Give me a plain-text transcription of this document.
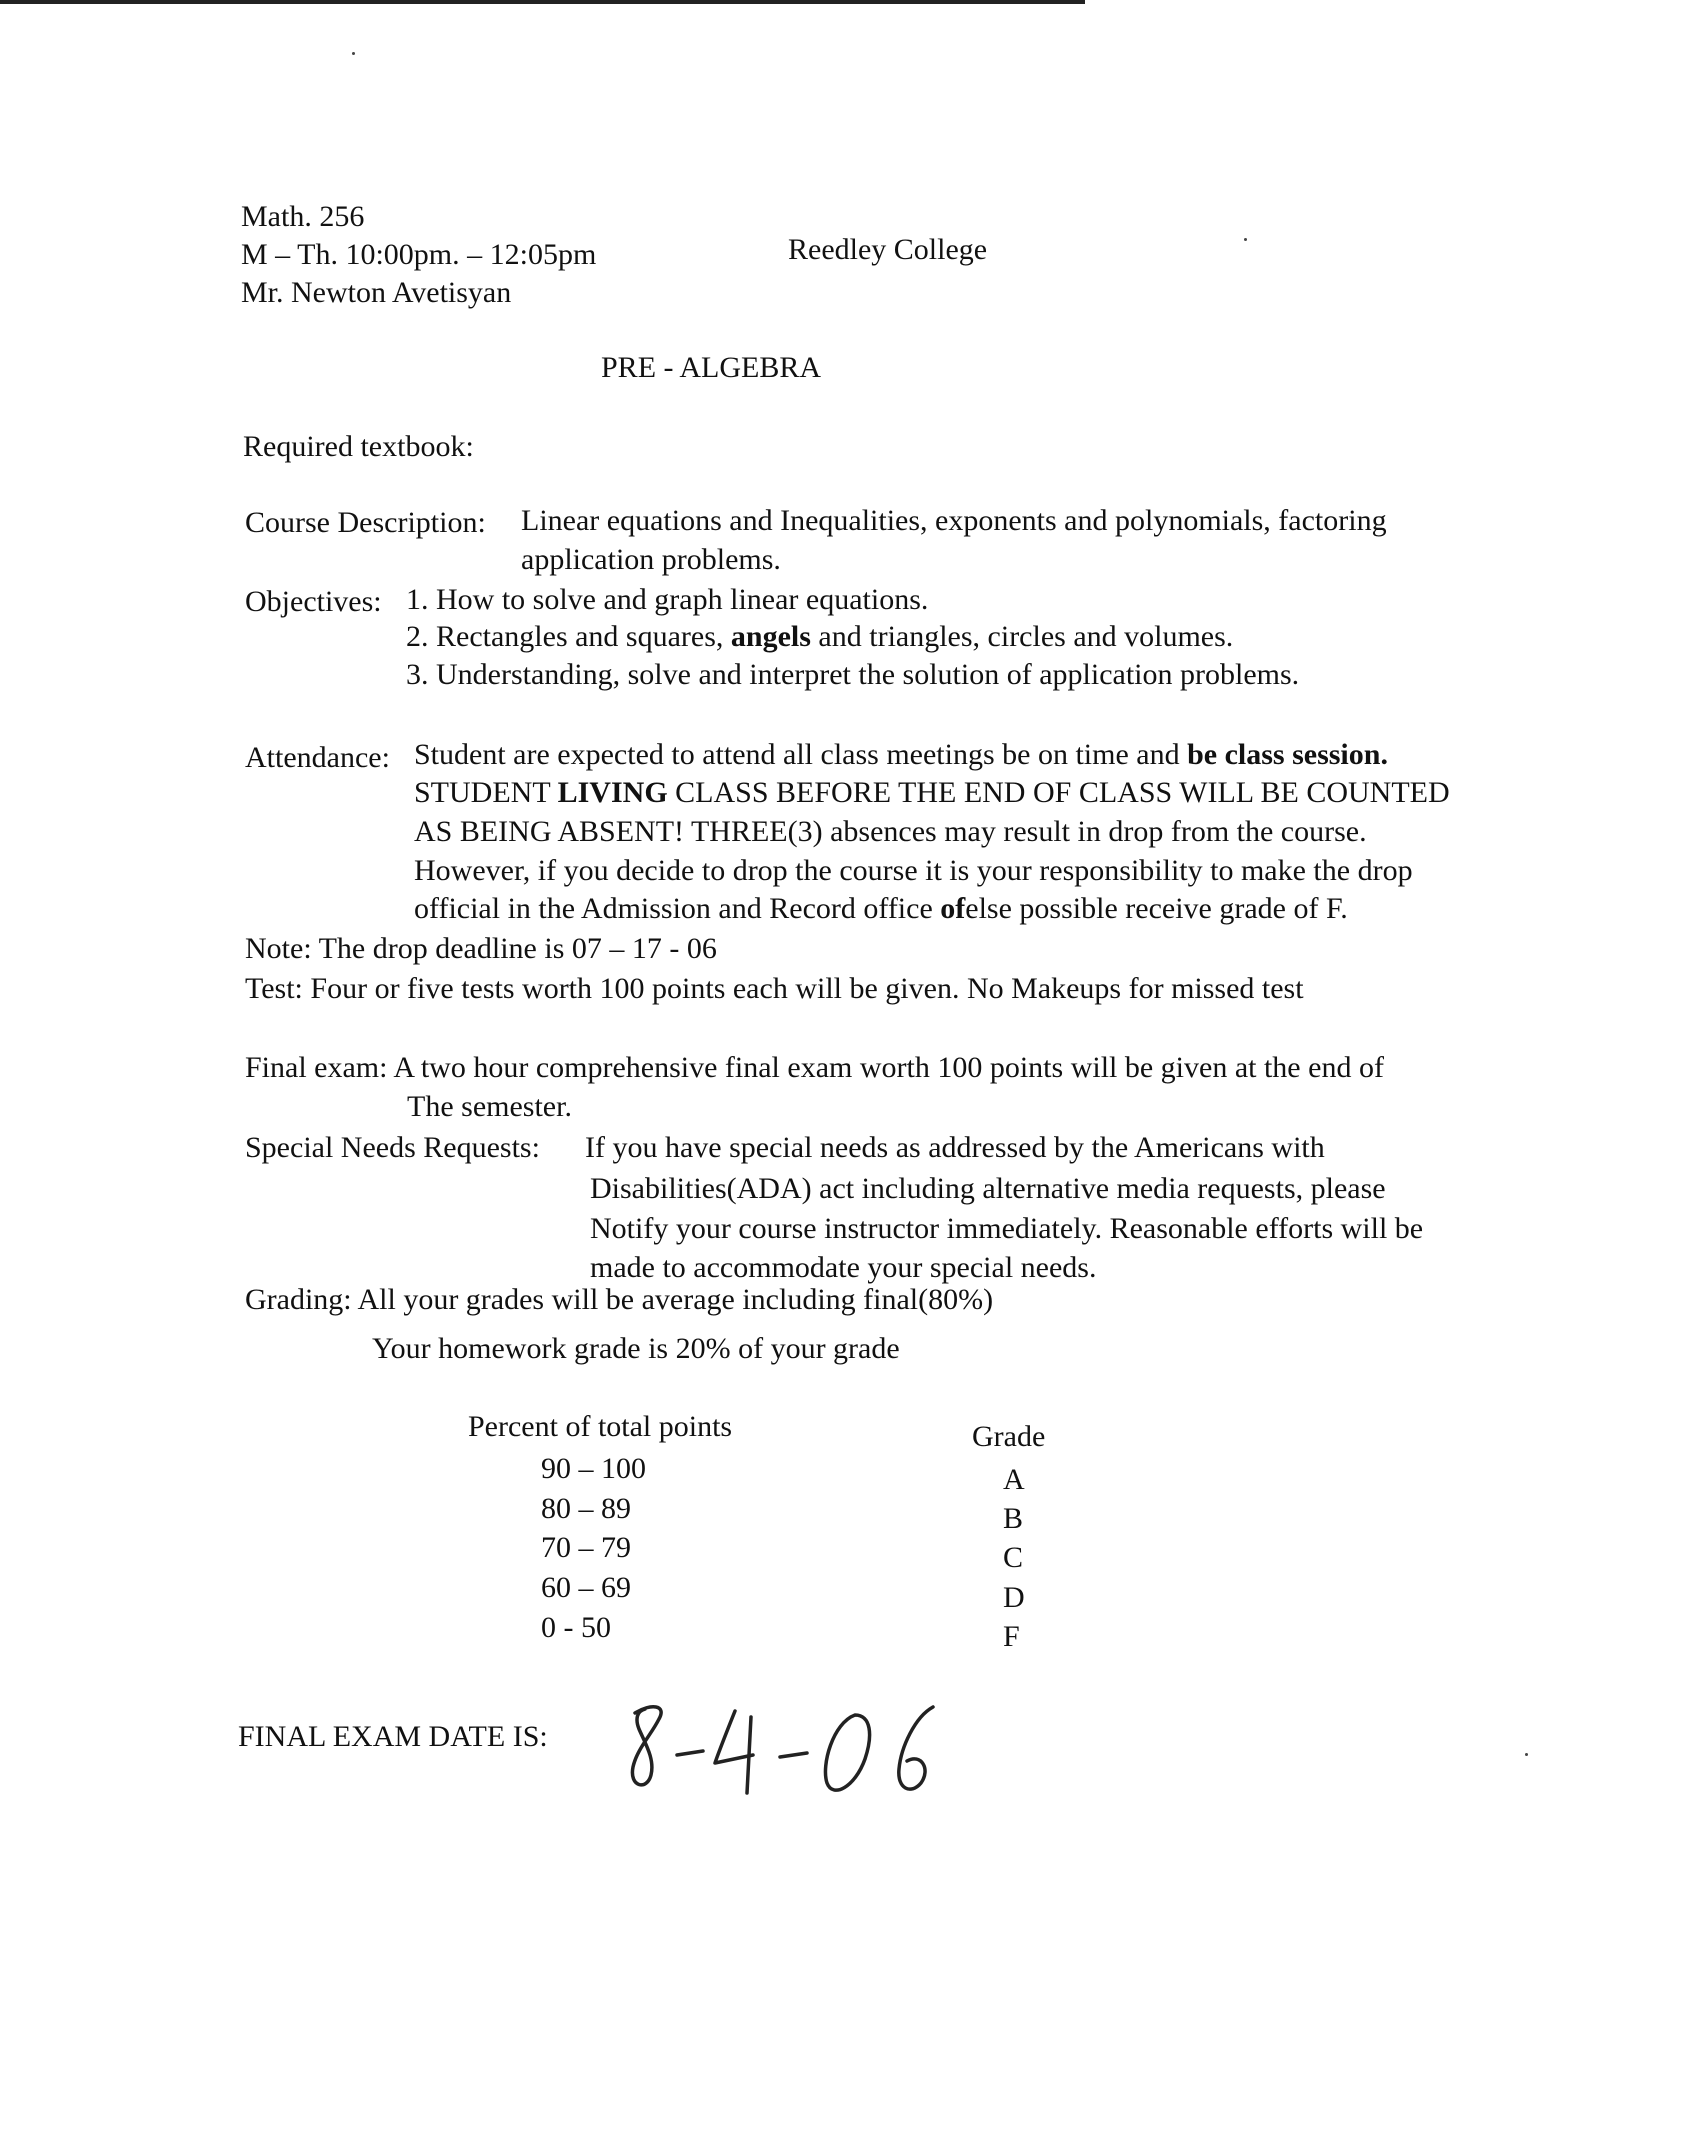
Math. 256
M – Th. 10:00pm. – 12:05pm
Mr. Newton Avetisyan
Reedley College
PRE - ALGEBRA
Required textbook:
Course Description: Linear equations and Inequalities, exponents and polynomials, factoring
application problems.
Objectives: 1. How to solve and graph linear equations.
2. Rectangles and squares, angels and triangles, circles and volumes.
3. Understanding, solve and interpret the solution of application problems.
Attendance: Student are expected to attend all class meetings be on time and be class session.
STUDENT LIVING CLASS BEFORE THE END OF CLASS WILL BE COUNTED
AS BEING ABSENT! THREE(3) absences may result in drop from the course.
However, if you decide to drop the course it is your responsibility to make the drop
official in the Admission and Record office ofelse possible receive grade of F.
Note: The drop deadline is 07 – 17 - 06
Test: Four or five tests worth 100 points each will be given. No Makeups for missed test
Final exam: A two hour comprehensive final exam worth 100 points will be given at the end of
The semester.
Special Needs Requests: If you have special needs as addressed by the Americans with
Disabilities(ADA) act including alternative media requests, please
Notify your course instructor immediately. Reasonable efforts will be
made to accommodate your special needs.
Grading: All your grades will be average including final(80%)
Your homework grade is 20% of your grade
Percent of total points	Grade
90 – 100
80 – 89
70 – 79
60 – 69
0 - 50
A
B
C
D
F
FINAL EXAM DATE IS:
